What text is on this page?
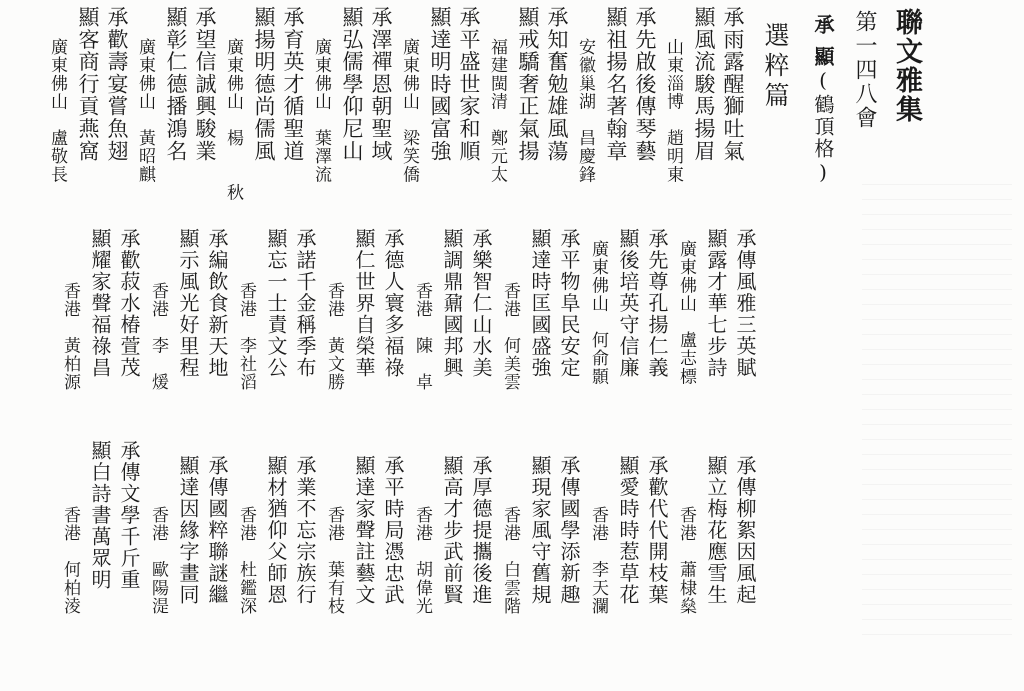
聯文雅集
第一四八會
承顯(鶴頂格)
選粹篇
承雨露醒獅吐氣
顯風流駿馬揚眉
山東淄博　趙明東
承先啟後傳琴藝
顯祖揚名著翰章
安徽巢湖　昌慶鋒
承知奮勉雄風蕩
顯戒驕奢正氣揚
福建閩清　鄭元太
承平盛世家和順
顯達明時國富強
廣東佛山　梁笑僑
承澤禪恩朝聖域
顯弘儒學仰尼山
廣東佛山　葉澤流
承育英才循聖道
顯揚明德尚儒風
廣東佛山　楊　　秋
承望信誠興駿業
顯彰仁德播鴻名
廣東佛山　黃昭麒
承歡壽宴嘗魚翅
顯客商行貢燕窩
廣東佛山　盧敬長
承傳風雅三英賦
顯露才華七步詩
廣東佛山　盧志標
承先尊孔揚仁義
顯後培英守信廉
廣東佛山　何俞顥
承平物阜民安定
顯達時匡國盛強
香港　何美雲
承樂智仁山水美
顯調鼎鼐國邦興
香港　陳　卓
承德人寰多福祿
顯仁世界自榮華
香港　黃文勝
承諾千金稱季布
顯忘一士責文公
香港　李社滔
承編飲食新天地
顯示風光好里程
香港　李　煖
承歡菽水椿萱茂
顯耀家聲福祿昌
香港　黃柏源
承傳柳絮因風起
顯立梅花應雪生
香港　蕭棣燊
承歡代代開枝葉
顯愛時時惹草花
香港　李天瀾
承傳國學添新趣
顯現家風守舊規
香港　白雲階
承厚德提攜後進
顯高才步武前賢
香港　胡偉光
承平時局憑忠武
顯達家聲註藝文
香港　葉有枝
承業不忘宗族行
顯材猶仰父師恩
香港　杜鑑深
承傳國粹聯謎繼
顯達因緣字畫同
香港　歐陽湜
承傳文學千斤重
顯白詩書萬眾明
香港　何柏淩
